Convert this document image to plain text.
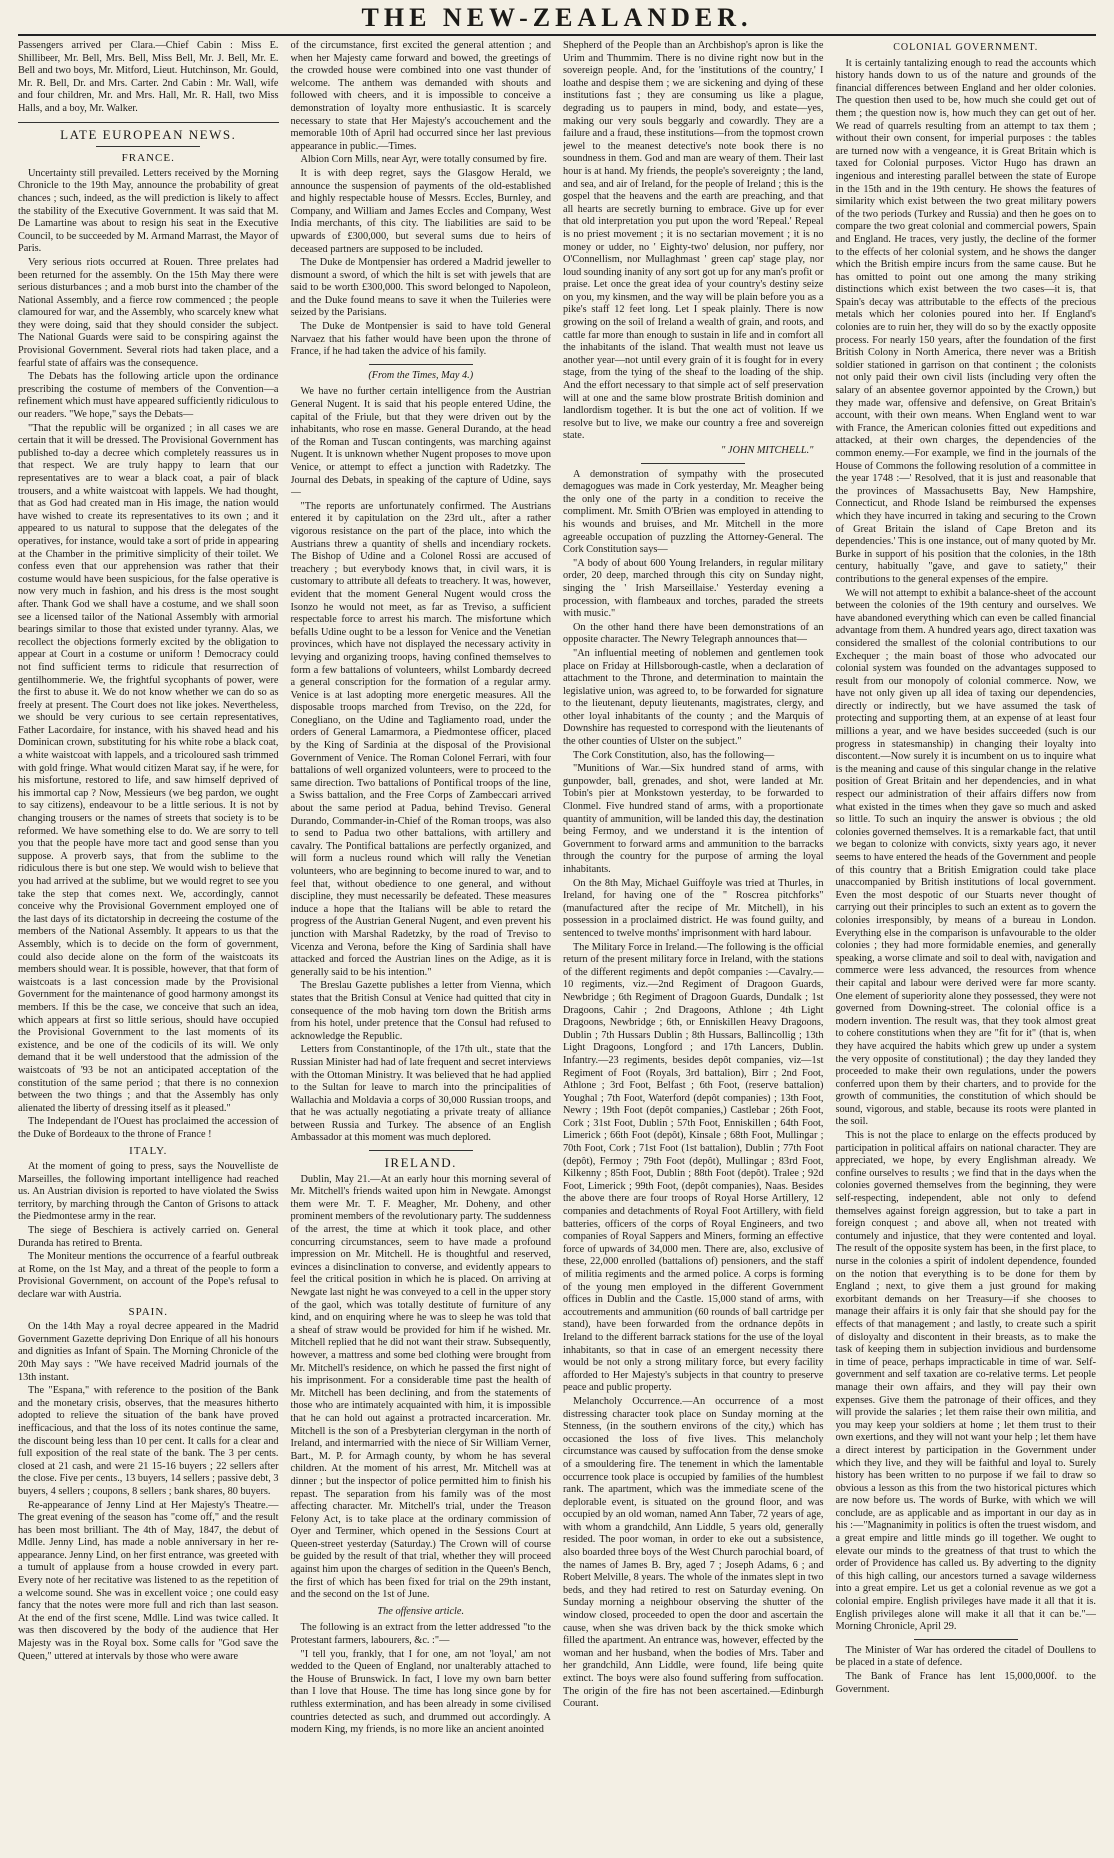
THE NEW-ZEALANDER.

Passengers arrived per Clara.—Chief Cabin : Miss E. Shillibeer, Mr. Bell, Mrs. Bell, Miss Bell, Mr. J. Bell, Mr. E. Bell and two boys, Mr. Mitford, Lieut. Hutchinson, Mr. Gould, Mr. R. Bell, Dr. and Mrs. Carter. 2nd Cabin : Mr. Wall, wife and four children, Mr. and Mrs. Hall, Mr. R. Hall, two Miss Halls, and a boy, Mr. Walker.

LATE EUROPEAN NEWS.
FRANCE.

Uncertainty still prevailed. Letters received by the Morning Chronicle to the 19th May, announce the probability of great chances ; such, indeed, as the will prediction is likely to affect the stability of the Executive Government. It was said that M. De Lamartine was about to resign his seat in the Executive Council, to be succeeded by M. Armand Marrast, the Mayor of Paris.

Very serious riots occurred at Rouen. Three prelates had been returned for the assembly. On the 15th May there were serious disturbances ; and a mob burst into the chamber of the National Assembly, and a fierce row commenced ; the people clamoured for war, and the Assembly, who scarcely knew what they were doing, said that they should consider the subject. The National Guards were said to be conspiring against the Provisional Government. Several riots had taken place, and a fearful state of affairs was the consequence.

The Debats has the following article upon the ordinance prescribing the costume of members of the Convention—a refinement which must have appeared sufficiently ridiculous to our readers. "We hope," says the Debats—

"That the republic will be organized ; in all cases we are certain that it will be dressed. The Provisional Government has published to-day a decree which completely reassures us in that respect. We are truly happy to learn that our representatives are to wear a black coat, a pair of black trousers, and a white waistcoat with lappels. We had thought, that as God had created man in His image, the nation would have wished to create its representatives to its own ; and it appeared to us natural to suppose that the delegates of the operatives, for instance, would take a sort of pride in appearing at the Chamber in the primitive simplicity of their toilet. We confess even that our apprehension was rather that their costume would have been suspicious, for the false operative is now very much in fashion, and his dress is the most sought after. Thank God we shall have a costume, and we shall soon see a licensed tailor of the National Assembly with armorial bearings similar to those that existed under tyranny. Alas, we recollect the objections formerly excited by the obligation to appear at Court in a costume or uniform ! Democracy could not find sufficient terms to ridicule that resurrection of gentilhommerie. We, the frightful sycophants of power, were the first to abuse it. We do not know whether we can do so as freely at present. The Court does not like jokes. Nevertheless, we should be very curious to see certain representatives, Father Lacordaire, for instance, with his shaved head and his Dominican crown, substituting for his white robe a black coat, a white waistcoat with lappels, and a tricoloured sash trimmed with gold fringe. What would citizen Marat say, if he were, for his misfortune, restored to life, and saw himself deprived of his immortal cap ? Now, Messieurs (we beg pardon, we ought to say citizens), endeavour to be a little serious. It is not by changing trousers or the names of streets that society is to be reformed. We have something else to do. We are sorry to tell you that the people have more tact and good sense than you suppose. A proverb says, that from the sublime to the ridiculous there is but one step. We would wish to believe that you had arrived at the sublime, but we would regret to see you take the step that comes next. We, accordingly, cannot conceive why the Provisional Government employed one of the last days of its dictatorship in decreeing the costume of the members of the National Assembly. It appears to us that the Assembly, which is to decide on the form of government, could also decide alone on the form of the waistcoats its members should wear. It is possible, however, that that form of waistcoats is a last concession made by the Provisional Government for the maintenance of good harmony amongst its members. If this be the case, we conceive that such an idea, which appears at first so little serious, should have occupied the Provisional Government to the last moments of its existence, and be one of the codicils of its will. We only demand that it be well understood that the admission of the waistcoats of '93 be not an anticipated acceptation of the constitution of the same period ; that there is no connexion between the two things ; and that the Assembly has only alienated the liberty of dressing itself as it pleased."

The Independant de l'Ouest has proclaimed the accession of the Duke of Bordeaux to the throne of France !

ITALY.

At the moment of going to press, says the Nouvelliste de Marseilles, the following important intelligence had reached us. An Austrian division is reported to have violated the Swiss territory, by marching through the Canton of Grisons to attack the Piedmontese army in the rear.

The siege of Beschiera is actively carried on. General Duranda has retired to Brenta.

The Moniteur mentions the occurrence of a fearful outbreak at Rome, on the 1st May, and a threat of the people to form a Provisional Government, on account of the Pope's refusal to declare war with Austria.

SPAIN.

On the 14th May a royal decree appeared in the Madrid Government Gazette depriving Don Enrique of all his honours and dignities as Infant of Spain. The Morning Chronicle of the 20th May says : "We have received Madrid journals of the 13th instant.

The "Espana," with reference to the position of the Bank and the monetary crisis, observes, that the measures hitherto adopted to relieve the situation of the bank have proved inefficacious, and that the loss of its notes continue the same, the discount being less than 10 per cent. It calls for a clear and full exposition of the real state of the bank. The 3 per cents. closed at 21 cash, and were 21 15-16 buyers ; 22 sellers after the close. Five per cents., 13 buyers, 14 sellers ; passive debt, 3 buyers, 4 sellers ; coupons, 8 sellers ; bank shares, 80 buyers.

Re-appearance of Jenny Lind at Her Majesty's Theatre.—The great evening of the season has "come off," and the result has been most brilliant. The 4th of May, 1847, the debut of Mdlle. Jenny Lind, has made a noble anniversary in her re-appearance. Jenny Lind, on her first entrance, was greeted with a tumult of applause from a house crowded in every part. Every note of her recitative was listened to as the repetition of a welcome sound. She was in excellent voice ; one could easy fancy that the notes were more full and rich than last season. At the end of the first scene, Mdlle. Lind was twice called. It was then discovered by the body of the audience that Her Majesty was in the Royal box. Some calls for "God save the Queen," uttered at intervals by those who were aware

of the circumstance, first excited the general attention ; and when her Majesty came forward and bowed, the greetings of the crowded house were combined into one vast thunder of welcome. The anthem was demanded with shouts and followed with cheers, and it is impossible to conceive a demonstration of loyalty more enthusiastic. It is scarcely necessary to state that Her Majesty's accouchement and the memorable 10th of April had occurred since her last previous appearance in public.—Times.

Albion Corn Mills, near Ayr, were totally consumed by fire.

It is with deep regret, says the Glasgow Herald, we announce the suspension of payments of the old-established and highly respectable house of Messrs. Eccles, Burnley, and Company, and William and James Eccles and Company, West India merchants, of this city. The liabilities are said to be upwards of £300,000, but several sums due to heirs of deceased partners are supposed to be included.

The Duke de Montpensier has ordered a Madrid jeweller to dismount a sword, of which the hilt is set with jewels that are said to be worth £300,000. This sword belonged to Napoleon, and the Duke found means to save it when the Tuileries were seized by the Parisians.

The Duke de Montpensier is said to have told General Narvaez that his father would have been upon the throne of France, if he had taken the advice of his family.

(From the Times, May 4.)

We have no further certain intelligence from the Austrian General Nugent. It is said that his people entered Udine, the capital of the Friule, but that they were driven out by the inhabitants, who rose en masse. General Durando, at the head of the Roman and Tuscan contingents, was marching against Nugent. It is unknown whether Nugent proposes to move upon Venice, or attempt to effect a junction with Radetzky. The Journal des Debats, in speaking of the capture of Udine, says—

"The reports are unfortunately confirmed. The Austrians entered it by capitulation on the 23rd ult., after a rather vigorous resistance on the part of the place, into which the Austrians threw a quantity of shells and incendiary rockets. The Bishop of Udine and a Colonel Rossi are accused of treachery ; but everybody knows that, in civil wars, it is customary to attribute all defeats to treachery. It was, however, evident that the moment General Nugent would cross the Isonzo he would not meet, as far as Treviso, a sufficient respectable force to arrest his march. The misfortune which befalls Udine ought to be a lesson for Venice and the Venetian provinces, which have not displayed the necessary activity in levying and organizing troops, having confined themselves to form a few battalions of volunteers, whilst Lombardy decreed a general conscription for the formation of a regular army. Venice is at last adopting more energetic measures. All the disposable troops marched from Treviso, on the 22d, for Conegliano, on the Udine and Tagliamento road, under the orders of General Lamarmora, a Piedmontese officer, placed by the King of Sardinia at the disposal of the Provisional Government of Venice. The Roman Colonel Ferrari, with four battalions of well organized volunteers, were to proceed to the same direction. Two battalions of Pontifical troops of the line, a Swiss battalion, and the Free Corps of Zambeccari arrived about the same period at Padua, behind Treviso. General Durando, Commander-in-Chief of the Roman troops, was also to send to Padua two other battalions, with artillery and cavalry. The Pontifical battalions are perfectly organized, and will form a nucleus round which will rally the Venetian volunteers, who are beginning to become inured to war, and to feel that, without obedience to one general, and without discipline, they must necessarily be defeated. These measures induce a hope that the Italians will be able to retard the progress of the Austrian General Nugent, and even prevent his junction with Marshal Radetzky, by the road of Treviso to Vicenza and Verona, before the King of Sardinia shall have attacked and forced the Austrian lines on the Adige, as it is generally said to be his intention."

The Breslau Gazette publishes a letter from Vienna, which states that the British Consul at Venice had quitted that city in consequence of the mob having torn down the British arms from his hotel, under pretence that the Consul had refused to acknowledge the Republic.

Letters from Constantinople, of the 17th ult., state that the Russian Minister had had of late frequent and secret interviews with the Ottoman Ministry. It was believed that he had applied to the Sultan for leave to march into the principalities of Wallachia and Moldavia a corps of 30,000 Russian troops, and that he was actually negotiating a private treaty of alliance between Russia and Turkey. The absence of an English Ambassador at this moment was much deplored.

IRELAND.

Dublin, May 21.—At an early hour this morning several of Mr. Mitchell's friends waited upon him in Newgate. Amongst them were Mr. T. F. Meagher, Mr. Doheny, and other prominent members of the revolutionary party. The suddenness of the arrest, the time at which it took place, and other concurring circumstances, seem to have made a profound impression on Mr. Mitchell. He is thoughtful and reserved, evinces a disinclination to converse, and evidently appears to feel the critical position in which he is placed. On arriving at Newgate last night he was conveyed to a cell in the upper story of the gaol, which was totally destitute of furniture of any kind, and on enquiring where he was to sleep he was told that a sheaf of straw would be provided for him if he wished. Mr. Mitchell replied that he did not want their straw. Subsequently, however, a mattress and some bed clothing were brought from Mr. Mitchell's residence, on which he passed the first night of his imprisonment. For a considerable time past the health of Mr. Mitchell has been declining, and from the statements of those who are intimately acquainted with him, it is impossible that he can hold out against a protracted incarceration. Mr. Mitchell is the son of a Presbyterian clergyman in the north of Ireland, and intermarried with the niece of Sir William Verner, Bart., M. P. for Armagh county, by whom he has several children. At the moment of his arrest, Mr. Mitchell was at dinner ; but the inspector of police permitted him to finish his repast. The separation from his family was of the most affecting character. Mr. Mitchell's trial, under the Treason Felony Act, is to take place at the ordinary commission of Oyer and Terminer, which opened in the Sessions Court at Queen-street yesterday (Saturday.) The Crown will of course be guided by the result of that trial, whether they will proceed against him upon the charges of sedition in the Queen's Bench, the first of which has been fixed for trial on the 29th instant, and the second on the 1st of June.

The offensive article.

The following is an extract from the letter addressed "to the Protestant farmers, labourers, &c. :"—

"I tell you, frankly, that I for one, am not 'loyal,' am not wedded to the Queen of England, nor unalterably attached to the House of Brunswick. In fact, I love my own barn better than I love that House. The time has long since gone by for ruthless extermination, and has been already in some civilised countries detected as such, and drummed out accordingly. A modern King, my friends, is no more like an ancient anointed

Shepherd of the People than an Archbishop's apron is like the Urim and Thummim. There is no divine right now but in the sovereign people. And, for the 'institutions of the country,' I loathe and despise them ; we are sickening and dying of these institutions fast ; they are consuming us like a plague, degrading us to paupers in mind, body, and estate—yes, making our very souls beggarly and cowardly. They are a failure and a fraud, these institutions—from the topmost crown jewel to the meanest detective's note book there is no soundness in them. God and man are weary of them. Their last hour is at hand. My friends, the people's sovereignty ; the land, and sea, and air of Ireland, for the people of Ireland ; this is the gospel that the heavens and the earth are preaching, and that all hearts are secretly burning to embrace. Give up for ever that old interpretation you put upon the word 'Repeal.' Repeal is no priest movement ; it is no sectarian movement ; it is no money or udder, no ' Eighty-two' delusion, nor puffery, nor O'Connellism, nor Mullaghmast ' green cap' stage play, nor loud sounding inanity of any sort got up for any man's profit or praise. Let once the great idea of your country's destiny seize on you, my kinsmen, and the way will be plain before you as a pike's staff 12 feet long. Let I speak plainly. There is now growing on the soil of Ireland a wealth of grain, and roots, and cattle far more than enough to sustain in life and in comfort all the inhabitants of the island. That wealth must not leave us another year—not until every grain of it is fought for in every stage, from the tying of the sheaf to the loading of the ship. And the effort necessary to that simple act of self preservation will at one and the same blow prostrate British dominion and landlordism together. It is but the one act of volition. If we resolve but to live, we make our country a free and sovereign state.

" JOHN MITCHELL."

A demonstration of sympathy with the prosecuted demagogues was made in Cork yesterday, Mr. Meagher being the only one of the party in a condition to receive the compliment. Mr. Smith O'Brien was employed in attending to his wounds and bruises, and Mr. Mitchell in the more agreeable occupation of puzzling the Attorney-General. The Cork Constitution says—

"A body of about 600 Young Irelanders, in regular military order, 20 deep, marched through this city on Sunday night, singing the ' Irish Marseillaise.' Yesterday evening a procession, with flambeaux and torches, paraded the streets with music."

On the other hand there have been demonstrations of an opposite character. The Newry Telegraph announces that—

"An influential meeting of noblemen and gentlemen took place on Friday at Hillsborough-castle, when a declaration of attachment to the Throne, and determination to maintain the legislative union, was agreed to, to be forwarded for signature to the lieutenant, deputy lieutenants, magistrates, clergy, and other loyal inhabitants of the county ; and the Marquis of Downshire has requested to correspond with the lieutenants of the other counties of Ulster on the subject."

The Cork Constitution, also, has the following—

"Munitions of War.—Six hundred stand of arms, with gunpowder, ball, grenades, and shot, were landed at Mr. Tobin's pier at Monkstown yesterday, to be forwarded to Clonmel. Five hundred stand of arms, with a proportionate quantity of ammunition, will be landed this day, the destination being Fermoy, and we understand it is the intention of Government to forward arms and ammunition to the barracks through the country for the purpose of arming the loyal inhabitants.

On the 8th May, Michael Guiffoyle was tried at Thurles, in Ireland, for having one of the " Roscrea pitchforks" (manufactured after the recipe of Mr. Mitchell), in his possession in a proclaimed district. He was found guilty, and sentenced to twelve months' imprisonment with hard labour.

The Military Force in Ireland.—The following is the official return of the present military force in Ireland, with the stations of the different regiments and depôt companies :—Cavalry.—10 regiments, viz.—2nd Regiment of Dragoon Guards, Newbridge ; 6th Regiment of Dragoon Guards, Dundalk ; 1st Dragoons, Cahir ; 2nd Dragoons, Athlone ; 4th Light Dragoons, Newbridge ; 6th, or Enniskillen Heavy Dragoons, Dublin ; 7th Hussars Dublin ; 8th Hussars, Ballincollig ; 13th Light Dragoons, Longford ; and 17th Lancers, Dublin. Infantry.—23 regiments, besides depôt companies, viz—1st Regiment of Foot (Royals, 3rd battalion), Birr ; 2nd Foot, Athlone ; 3rd Foot, Belfast ; 6th Foot, (reserve battalion) Youghal ; 7th Foot, Waterford (depôt companies) ; 13th Foot, Newry ; 19th Foot (depôt companies,) Castlebar ; 26th Foot, Cork ; 31st Foot, Dublin ; 57th Foot, Enniskillen ; 64th Foot, Limerick ; 66th Foot (depôt), Kinsale ; 68th Foot, Mullingar ; 70th Foot, Cork ; 71st Foot (1st battalion), Dublin ; 77th Foot (depôt), Fermoy ; 79th Foot (depôt), Mullingar ; 83rd Foot, Kilkenny ; 85th Foot, Dublin ; 88th Foot (depôt). Tralee ; 92d Foot, Limerick ; 99th Foot, (depôt companies), Naas. Besides the above there are four troops of Royal Horse Artillery, 12 companies and detachments of Royal Foot Artillery, with field batteries, officers of the corps of Royal Engineers, and two companies of Royal Sappers and Miners, forming an effective force of upwards of 34,000 men. There are, also, exclusive of these, 22,000 enrolled (battalions of) pensioners, and the staff of militia regiments and the armed police. A corps is forming of the young men employed in the different Government offices in Dublin and the Castle. 15,000 stand of arms, with accoutrements and ammunition (60 rounds of ball cartridge per stand), have been forwarded from the ordnance depôts in Ireland to the different barrack stations for the use of the loyal inhabitants, so that in case of an emergent necessity there would be not only a strong military force, but every facility afforded to Her Majesty's subjects in that country to preserve peace and public property.

Melancholy Occurrence.—An occurrence of a most distressing character took place on Sunday morning at the Stenness, (in the southern environs of the city,) which has occasioned the loss of five lives. This melancholy circumstance was caused by suffocation from the dense smoke of a smouldering fire. The tenement in which the lamentable occurrence took place is occupied by families of the humblest rank. The apartment, which was the immediate scene of the deplorable event, is situated on the ground floor, and was occupied by an old woman, named Ann Taber, 72 years of age, with whom a grandchild, Ann Liddle, 5 years old, generally resided. The poor woman, in order to eke out a subsistence, also boarded three boys of the West Church parochial board, of the names of James B. Bry, aged 7 ; Joseph Adams, 6 ; and Robert Melville, 8 years. The whole of the inmates slept in two beds, and they had retired to rest on Saturday evening. On Sunday morning a neighbour observing the shutter of the window closed, proceeded to open the door and ascertain the cause, when she was driven back by the thick smoke which filled the apartment. An entrance was, however, effected by the woman and her husband, when the bodies of Mrs. Taber and her grandchild, Ann Liddle, were found, life being quite extinct. The boys were also found suffering from suffocation. The origin of the fire has not been ascertained.—Edinburgh Courant.

COLONIAL GOVERNMENT.

It is certainly tantalizing enough to read the accounts which history hands down to us of the nature and grounds of the financial differences between England and her older colonies. The question then used to be, how much she could get out of them ; the question now is, how much they can get out of her. We read of quarrels resulting from an attempt to tax them ; without their own consent, for imperial purposes : the tables are turned now with a vengeance, it is Great Britain which is taxed for Colonial purposes. Victor Hugo has drawn an ingenious and interesting parallel between the state of Europe in the 15th and in the 19th century. He shows the features of similarity which exist between the two great military powers of the two periods (Turkey and Russia) and then he goes on to compare the two great colonial and commercial powers, Spain and England. He traces, very justly, the decline of the former to the effects of her colonial system, and he shows the danger which the British empire incurs from the same cause. But he has omitted to point out one among the many striking distinctions which exist between the two cases—it is, that Spain's decay was attributable to the effects of the precious metals which her colonies poured into her. If England's colonies are to ruin her, they will do so by the exactly opposite process. For nearly 150 years, after the foundation of the first British Colony in North America, there never was a British soldier stationed in garrison on that continent ; the colonists not only paid their own civil lists (including very often the salary of an absentee governor appointed by the Crown,) but they made war, offensive and defensive, on Great Britain's account, with their own means. When England went to war with France, the American colonies fitted out expeditions and attacked, at their own charges, the dependencies of the common enemy.—For example, we find in the journals of the House of Commons the following resolution of a committee in the year 1748 :—' Resolved, that it is just and reasonable that the provinces of Massachusetts Bay, New Hampshire, Connecticut, and Rhode Island be reimbursed the expenses which they have incurred in taking and securing to the Crown of Great Britain the island of Cape Breton and its dependencies.' This is one instance, out of many quoted by Mr. Burke in support of his position that the colonies, in the 18th century, habitually "gave, and gave to satiety," their contributions to the general expenses of the empire.

We will not attempt to exhibit a balance-sheet of the account between the colonies of the 19th century and ourselves. We have abandoned everything which can even be called financial advantage from them. A hundred years ago, direct taxation was considered the smallest of the colonial contributions to our Exchequer ; the main boast of those who advocated our colonial system was founded on the advantages supposed to result from our monopoly of colonial commerce. Now, we have not only given up all idea of taxing our dependencies, directly or indirectly, but we have assumed the task of protecting and supporting them, at an expense of at least four millions a year, and we have besides succeeded (such is our progress in statesmanship) in changing their loyalty into discontent.—Now surely it is incumbent on us to inquire what is the meaning and cause of this singular change in the relative position of Great Britain and her dependencies, and in what respect our administration of their affairs differs now from what existed in the times when they gave so much and asked so little. To such an inquiry the answer is obvious ; the old colonies governed themselves. It is a remarkable fact, that until we began to colonize with convicts, sixty years ago, it never seems to have entered the heads of the Government and people of this country that a British Emigration could take place unaccompanied by British institutions of local government. Even the most despotic of our Stuarts never thought of carrying out their principles to such an extent as to govern the colonies irresponsibly, by means of a bureau in London. Everything else in the comparison is unfavourable to the older colonies ; they had more formidable enemies, and generally speaking, a worse climate and soil to deal with, navigation and commerce were less advanced, the resources from whence their capital and labour were derived were far more scanty. One element of superiority alone they possessed, they were not governed from Downing-street. The colonial office is a modern invention. The result was, that they took almost great to cohere constitutions when they are "fit for it" (that is, when they have acquired the habits which grew up under a system the very opposite of constitutional) ; the day they landed they proceeded to make their own regulations, under the powers conferred upon them by their charters, and to provide for the growth of communities, the constitution of which should be sound, vigorous, and stable, because its roots were planted in the soil.

This is not the place to enlarge on the effects produced by participation in political affairs on national character. They are appreciated, we hope, by every Englishman already. We confine ourselves to results ; we find that in the days when the colonies governed themselves from the beginning, they were self-respecting, independent, able not only to defend themselves against foreign aggression, but to take a part in foreign conquest ; and above all, when not treated with contumely and injustice, that they were contented and loyal. The result of the opposite system has been, in the first place, to nurse in the colonies a spirit of indolent dependence, founded on the notion that everything is to be done for them by England ; next, to give them a just ground for making exorbitant demands on her Treasury—if she chooses to manage their affairs it is only fair that she should pay for the effects of that management ; and lastly, to create such a spirit of disloyalty and discontent in their breasts, as to make the task of keeping them in subjection invidious and burdensome in time of peace, perhaps impracticable in time of war. Self-government and self taxation are co-relative terms. Let people manage their own affairs, and they will pay their own expenses. Give them the patronage of their offices, and they will provide the salaries ; let them raise their own militia, and you may keep your soldiers at home ; let them trust to their own exertions, and they will not want your help ; let them have a direct interest by participation in the Government under which they live, and they will be faithful and loyal to. Surely history has been written to no purpose if we fail to draw so obvious a lesson as this from the two historical pictures which are now before us. The words of Burke, with which we will conclude, are as applicable and as important in our day as in his :—"Magnanimity in politics is often the truest wisdom, and a great empire and little minds go ill together. We ought to elevate our minds to the greatness of that trust to which the order of Providence has called us. By adverting to the dignity of this high calling, our ancestors turned a savage wilderness into a great empire. Let us get a colonial revenue as we got a colonial empire. English privileges have made it all that it is. English privileges alone will make it all that it can be."—Morning Chronicle, April 29.

The Minister of War has ordered the citadel of Doullens to be placed in a state of defence.

The Bank of France has lent 15,000,000f. to the Government.
